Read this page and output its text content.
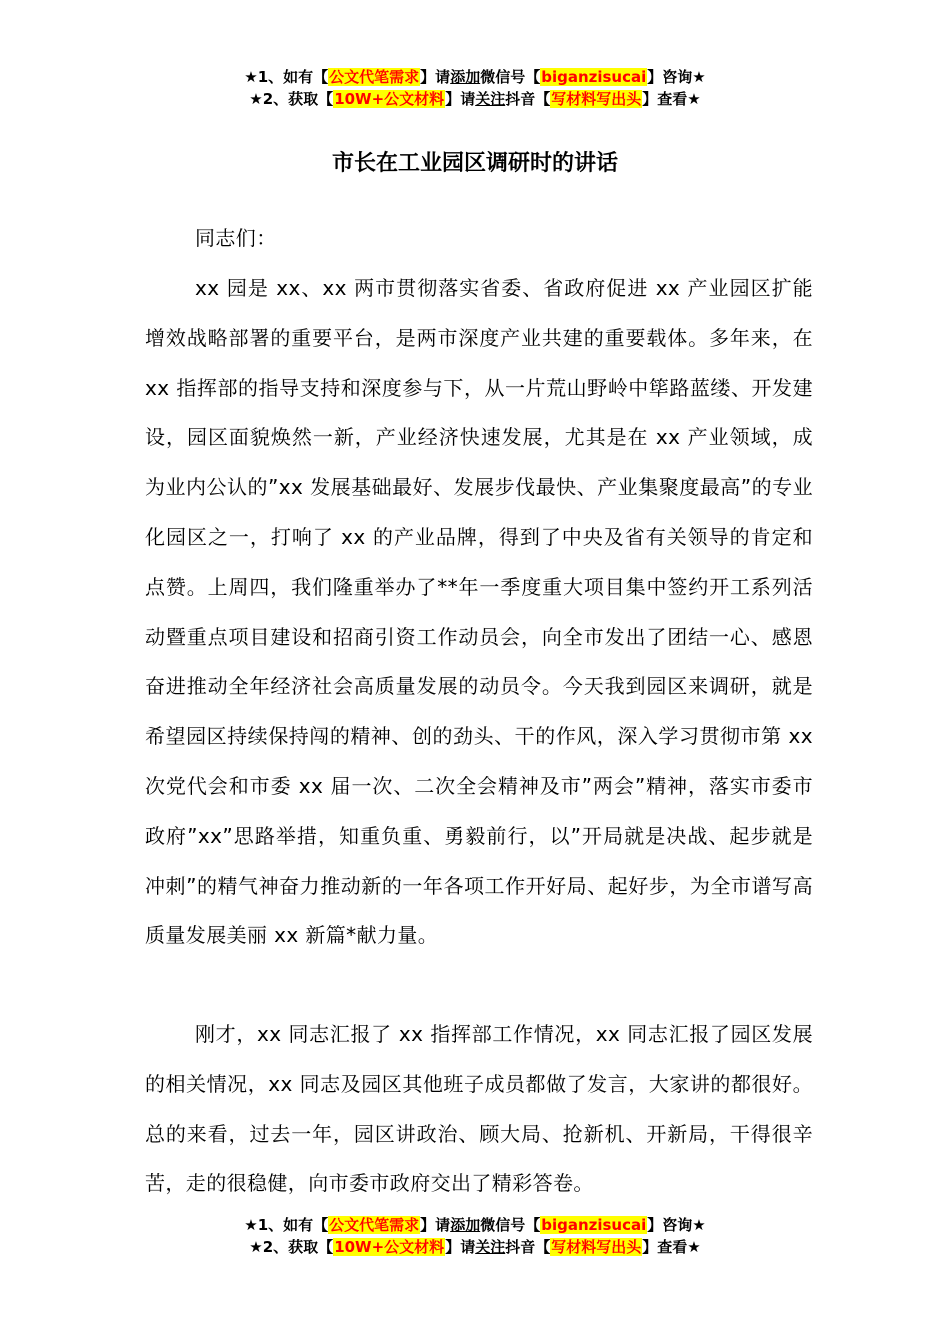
★1、如有【公文代笔需求】请添加微信号【biganzisucai】咨询★
★2、获取【10W+公文材料】请关注抖音【写材料写出头】查看★
市长在工业园区调研时的讲话

同志们：

xx 园是 xx、xx 两市贯彻落实省委、省政府促进 xx 产业园区扩能增效战略部署的重要平台，是两市深度产业共建的重要载体。多年来，在 xx 指挥部的指导支持和深度参与下，从一片荒山野岭中筚路蓝缕、开发建设，园区面貌焕然一新，产业经济快速发展，尤其是在 xx 产业领域，成为业内公认的”xx 发展基础最好、发展步伐最快、产业集聚度最高”的专业化园区之一，打响了 xx 的产业品牌，得到了中央及省有关领导的肯定和点赞。上周四，我们隆重举办了**年一季度重大项目集中签约开工系列活动暨重点项目建设和招商引资工作动员会，向全市发出了团结一心、感恩奋进推动全年经济社会高质量发展的动员令。今天我到园区来调研，就是希望园区持续保持闯的精神、创的劲头、干的作风，深入学习贯彻市第 xx 次党代会和市委 xx 届一次、二次全会精神及市”两会”精神，落实市委市政府”xx”思路举措，知重负重、勇毅前行，以”开局就是决战、起步就是冲刺”的精气神奋力推动新的一年各项工作开好局、起好步，为全市谱写高质量发展美丽 xx 新篇*献力量。

刚才，xx 同志汇报了 xx 指挥部工作情况，xx 同志汇报了园区发展的相关情况，xx 同志及园区其他班子成员都做了发言，大家讲的都很好。总的来看，过去一年，园区讲政治、顾大局、抢新机、开新局，干得很辛苦，走的很稳健，向市委市政府交出了精彩答卷。

★1、如有【公文代笔需求】请添加微信号【biganzisucai】咨询★
★2、获取【10W+公文材料】请关注抖音【写材料写出头】查看★
